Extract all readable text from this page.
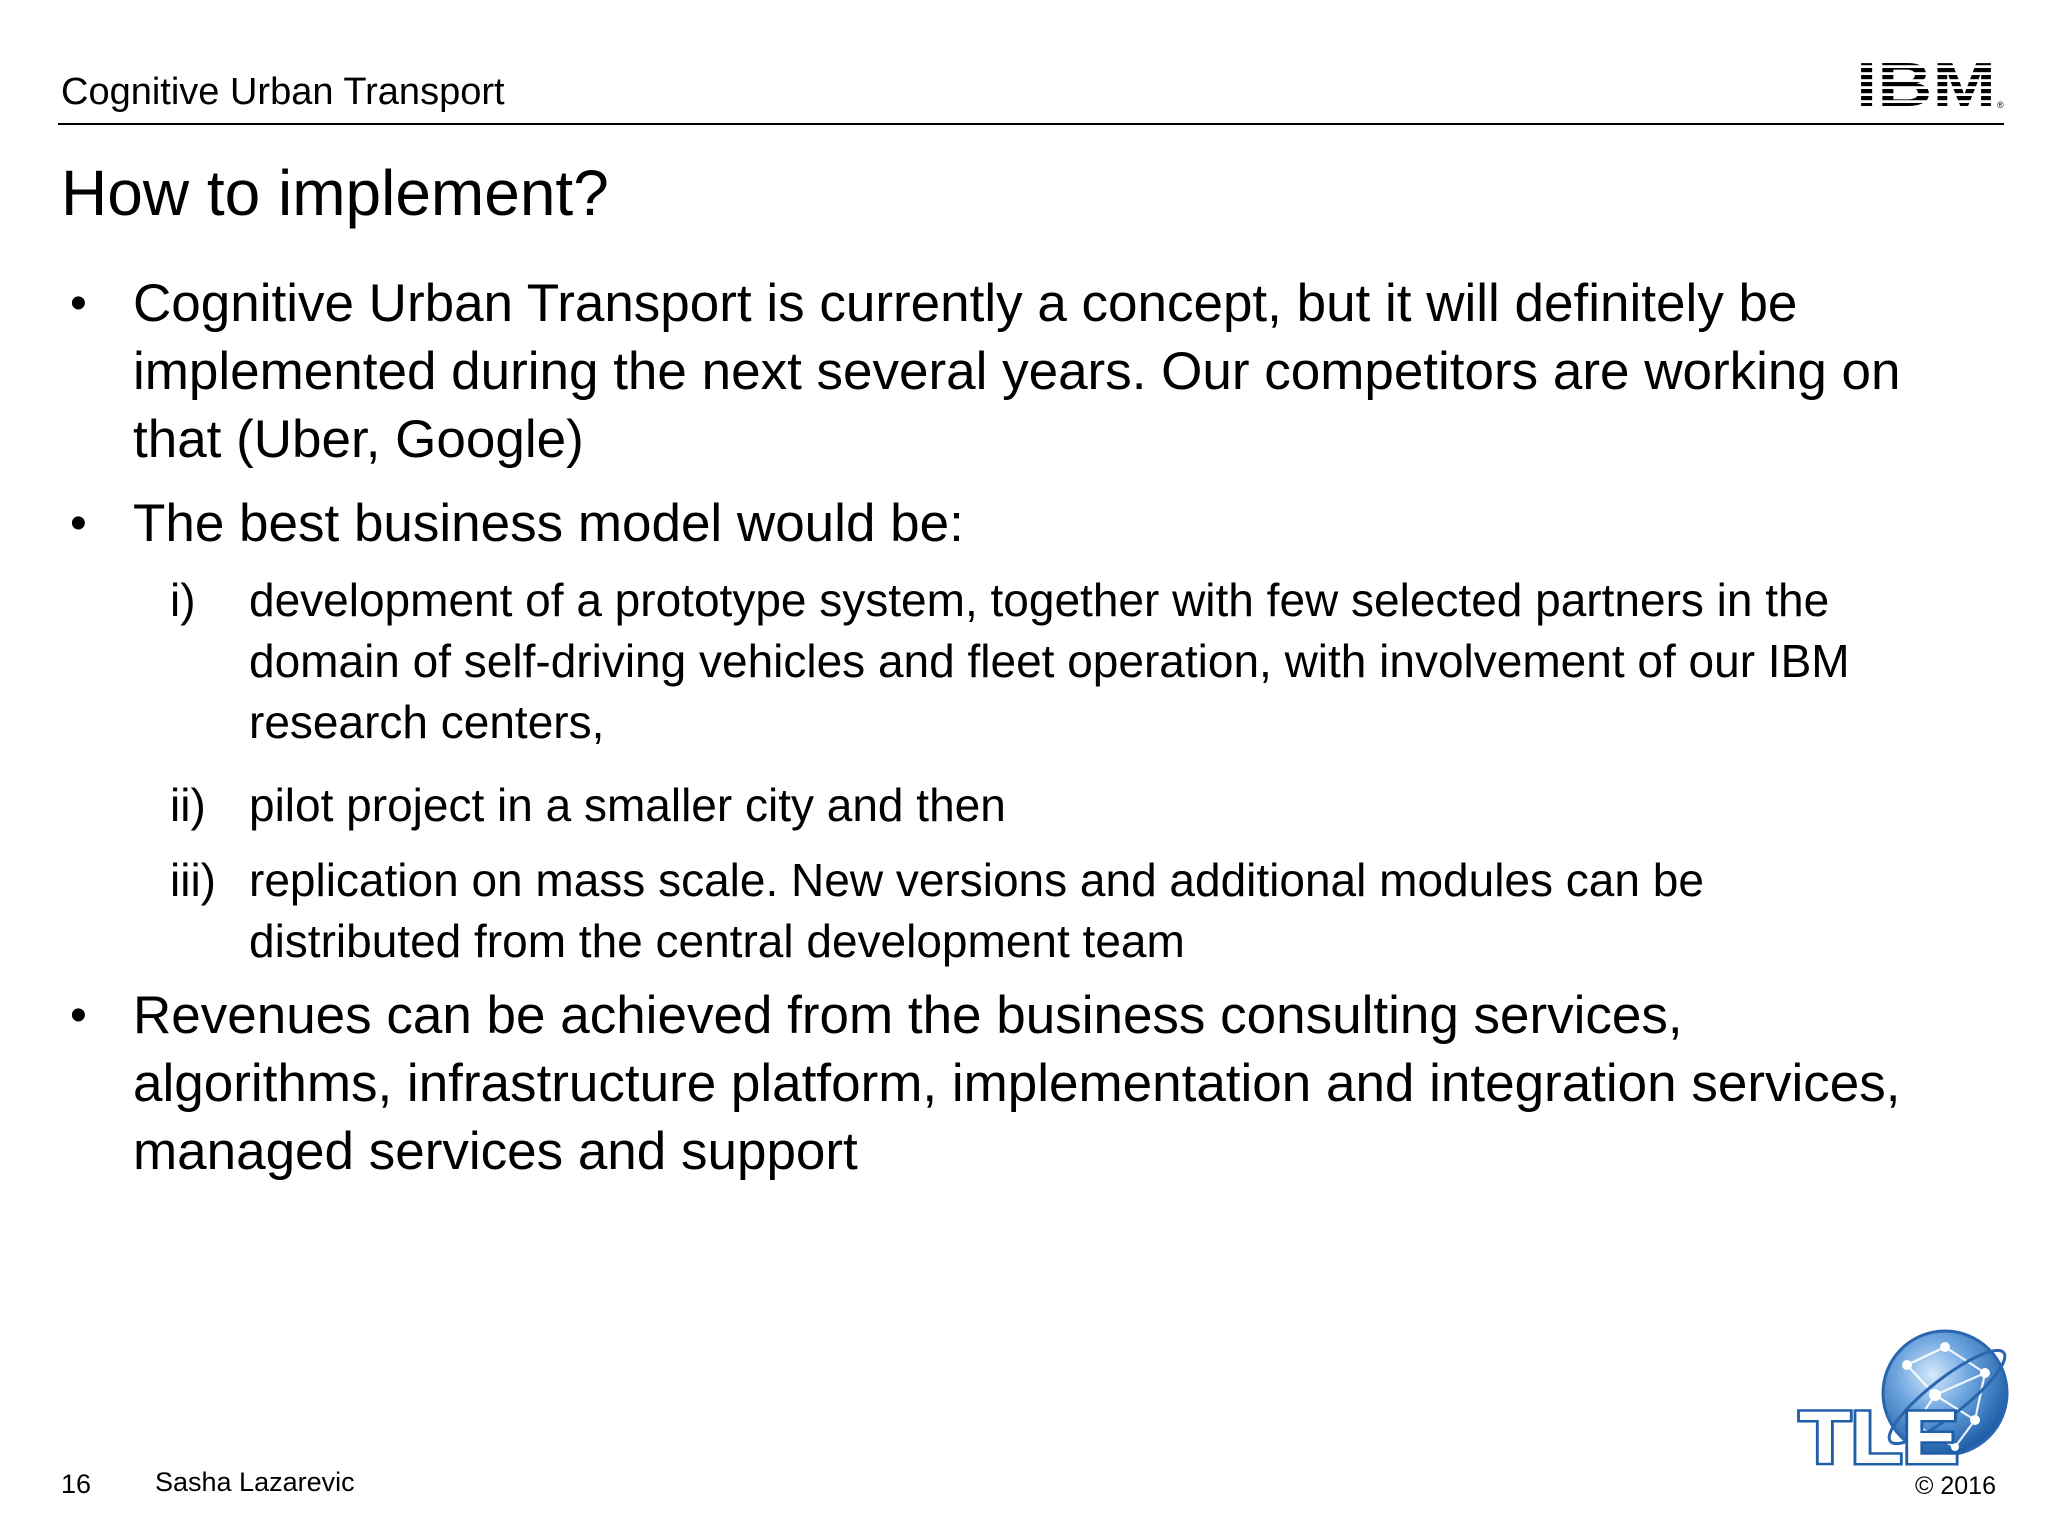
Cognitive Urban Transport	IBM ®
How to implement?
• Cognitive Urban Transport is currently a concept, but it will definitely be implemented during the next several years. Our competitors are working on that (Uber, Google)
• The best business model would be:
i) development of a prototype system, together with few selected partners in the domain of self-driving vehicles and fleet operation, with involvement of our IBM research centers,
ii) pilot project in a smaller city and then
iii) replication on mass scale. New versions and additional modules can be distributed from the central development team
• Revenues can be achieved from the business consulting services, algorithms, infrastructure platform, implementation and integration services, managed services and support
16 Sasha Lazarevic
TLE
© 2016
